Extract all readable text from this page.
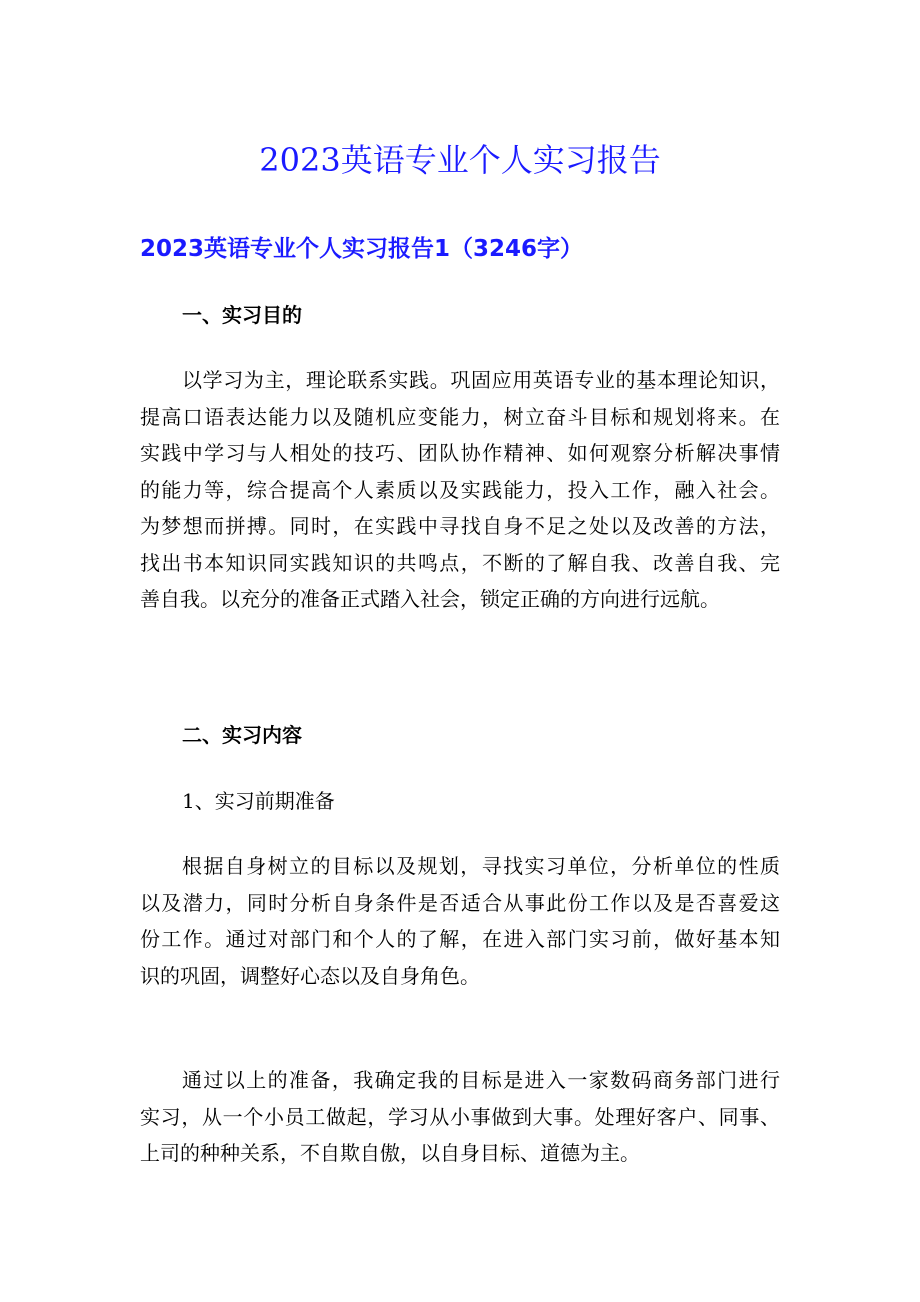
2023英语专业个人实习报告
2023英语专业个人实习报告1（3246字）
一、实习目的
以学习为主，理论联系实践。巩固应用英语专业的基本理论知识，
提高口语表达能力以及随机应变能力，树立奋斗目标和规划将来。在
实践中学习与人相处的技巧、团队协作精神、如何观察分析解决事情
的能力等，综合提高个人素质以及实践能力，投入工作，融入社会。
为梦想而拼搏。同时，在实践中寻找自身不足之处以及改善的方法，
找出书本知识同实践知识的共鸣点，不断的了解自我、改善自我、完
善自我。以充分的准备正式踏入社会，锁定正确的方向进行远航。
二、实习内容
1、实习前期准备
根据自身树立的目标以及规划，寻找实习单位，分析单位的性质
以及潜力，同时分析自身条件是否适合从事此份工作以及是否喜爱这
份工作。通过对部门和个人的了解，在进入部门实习前，做好基本知
识的巩固，调整好心态以及自身角色。
通过以上的准备，我确定我的目标是进入一家数码商务部门进行
实习，从一个小员工做起，学习从小事做到大事。处理好客户、同事、
上司的种种关系，不自欺自傲，以自身目标、道德为主。
